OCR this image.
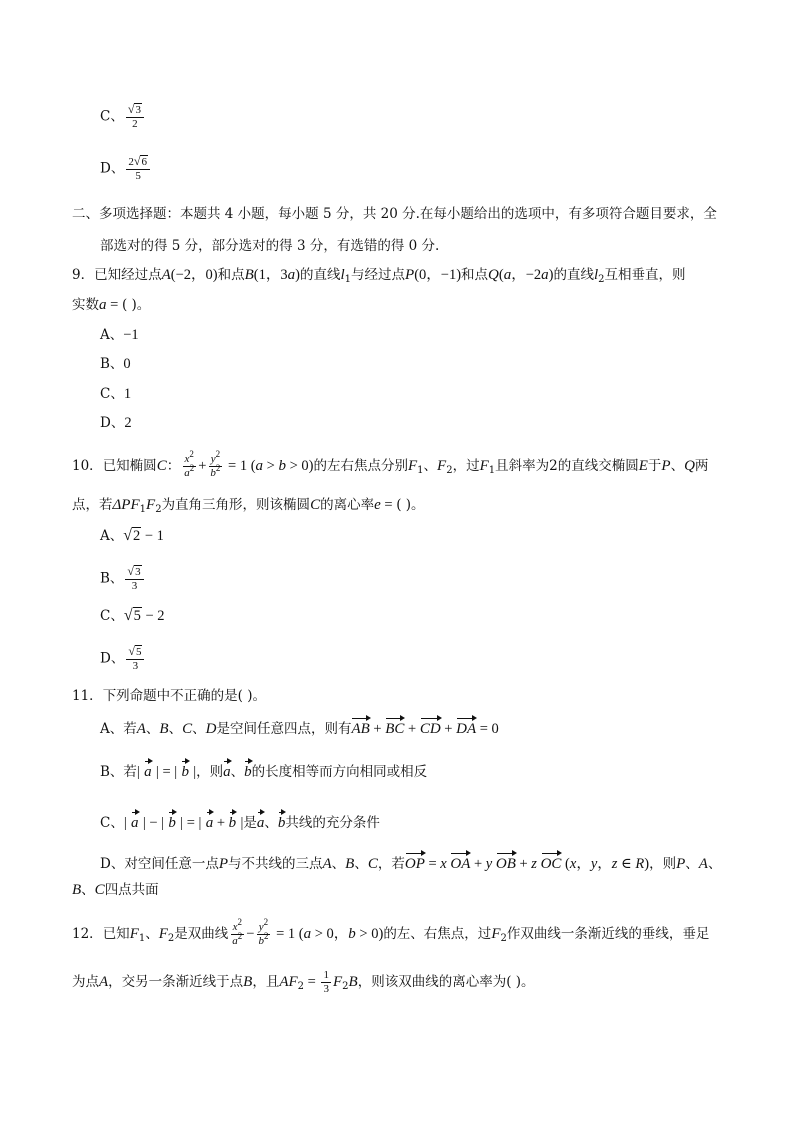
C、 $\frac{√3}{2}$
D、 $\frac{2√6}{5}$
二、多项选择题：本题共 4 小题，每小题 5 分，共 20 分.在每小题给出的选项中，有多项符合题目要求，全
部选对的得 5 分，部分选对的得 3 分，有选错的得 0 分.
9．已知经过点A(−2，0)和点B(1，3a)的直线$l_1$与经过点P(0，−1)和点Q(a，−2a)的直线$l_2$互相垂直，则
实数a = ( )。
A、−1
B、0
C、1
D、2
10．已知椭圆C： $\frac{x^2}{a^2} + \frac{y^2}{b^2} = 1$ (a > b > 0)的左右焦点分别$F_1$、$F_2$，过$F_1$且斜率为2的直线交椭圆E于P、Q两
点，若$\Delta PF_1F_2$为直角三角形，则该椭圆C的离心率e = ( )。
A、√2 − 1
B、 $\frac{√3}{3}$
C、√5 − 2
D、 $\frac{√5}{3}$
11．下列命题中不正确的是( )。
A、若A、B、C、D是空间任意四点，则有AB + BC + CD + DA = 0
B、若| a | = | b |，则a、b的长度相等而方向相同或相反
C、| a | − | b | = | a + b |是a、b共线的充分条件
D、对空间任意一点P与不共线的三点A、B、C，若OP = x OA + y OB + z OC (x，y，z ∈ R)，则P、A、
B、C四点共面
12．已知$F_1$、$F_2$是双曲线 $\frac{x^2}{a^2} - \frac{y^2}{b^2} = 1$ (a > 0，b > 0)的左、右焦点，过$F_2$作双曲线一条渐近线的垂线，垂足
为点A，交另一条渐近线于点B，且$AF_2 = \frac{1}{3} F_2B$，则该双曲线的离心率为( )。
